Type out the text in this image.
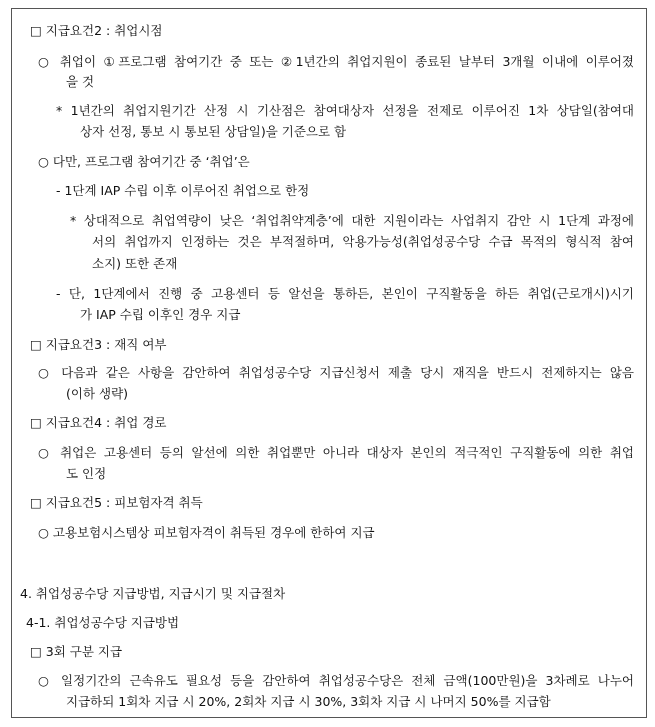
□ 지급요건2 : 취업시점
○ 취업이 ①프로그램 참여기간 중 또는 ②1년간의 취업지원이 종료된 날부터 3개월 이내에 이루어졌
을 것
* 1년간의 취업지원기간 산정 시 기산점은 참여대상자 선정을 전제로 이루어진 1차 상담일(참여대
상자 선정, 통보 시 통보된 상담일)을 기준으로 함
○ 다만, 프로그램 참여기간 중 ‘취업’은
- 1단계 IAP 수립 이후 이루어진 취업으로 한정
* 상대적으로 취업역량이 낮은 ‘취업취약계층’에 대한 지원이라는 사업취지 감안 시 1단계 과정에
서의 취업까지 인정하는 것은 부적절하며, 악용가능성(취업성공수당 수급 목적의 형식적 참여
소지) 또한 존재
- 단, 1단계에서 진행 중 고용센터 등 알선을 통하든, 본인이 구직활동을 하든 취업(근로개시)시기
가 IAP 수립 이후인 경우 지급
□ 지급요건3 : 재직 여부
○ 다음과 같은 사항을 감안하여 취업성공수당 지급신청서 제출 당시 재직을 반드시 전제하지는 않음
(이하 생략)
□ 지급요건4 : 취업 경로
○ 취업은 고용센터 등의 알선에 의한 취업뿐만 아니라 대상자 본인의 적극적인 구직활동에 의한 취업
도 인정
□ 지급요건5 : 피보험자격 취득
○ 고용보험시스템상 피보험자격이 취득된 경우에 한하여 지급
4. 취업성공수당 지급방법, 지급시기 및 지급절차
4-1. 취업성공수당 지급방법
□ 3회 구분 지급
○ 일정기간의 근속유도 필요성 등을 감안하여 취업성공수당은 전체 금액(100만원)을 3차례로 나누어
지급하되 1회차 지급 시 20%, 2회차 지급 시 30%, 3회차 지급 시 나머지 50%를 지급함
